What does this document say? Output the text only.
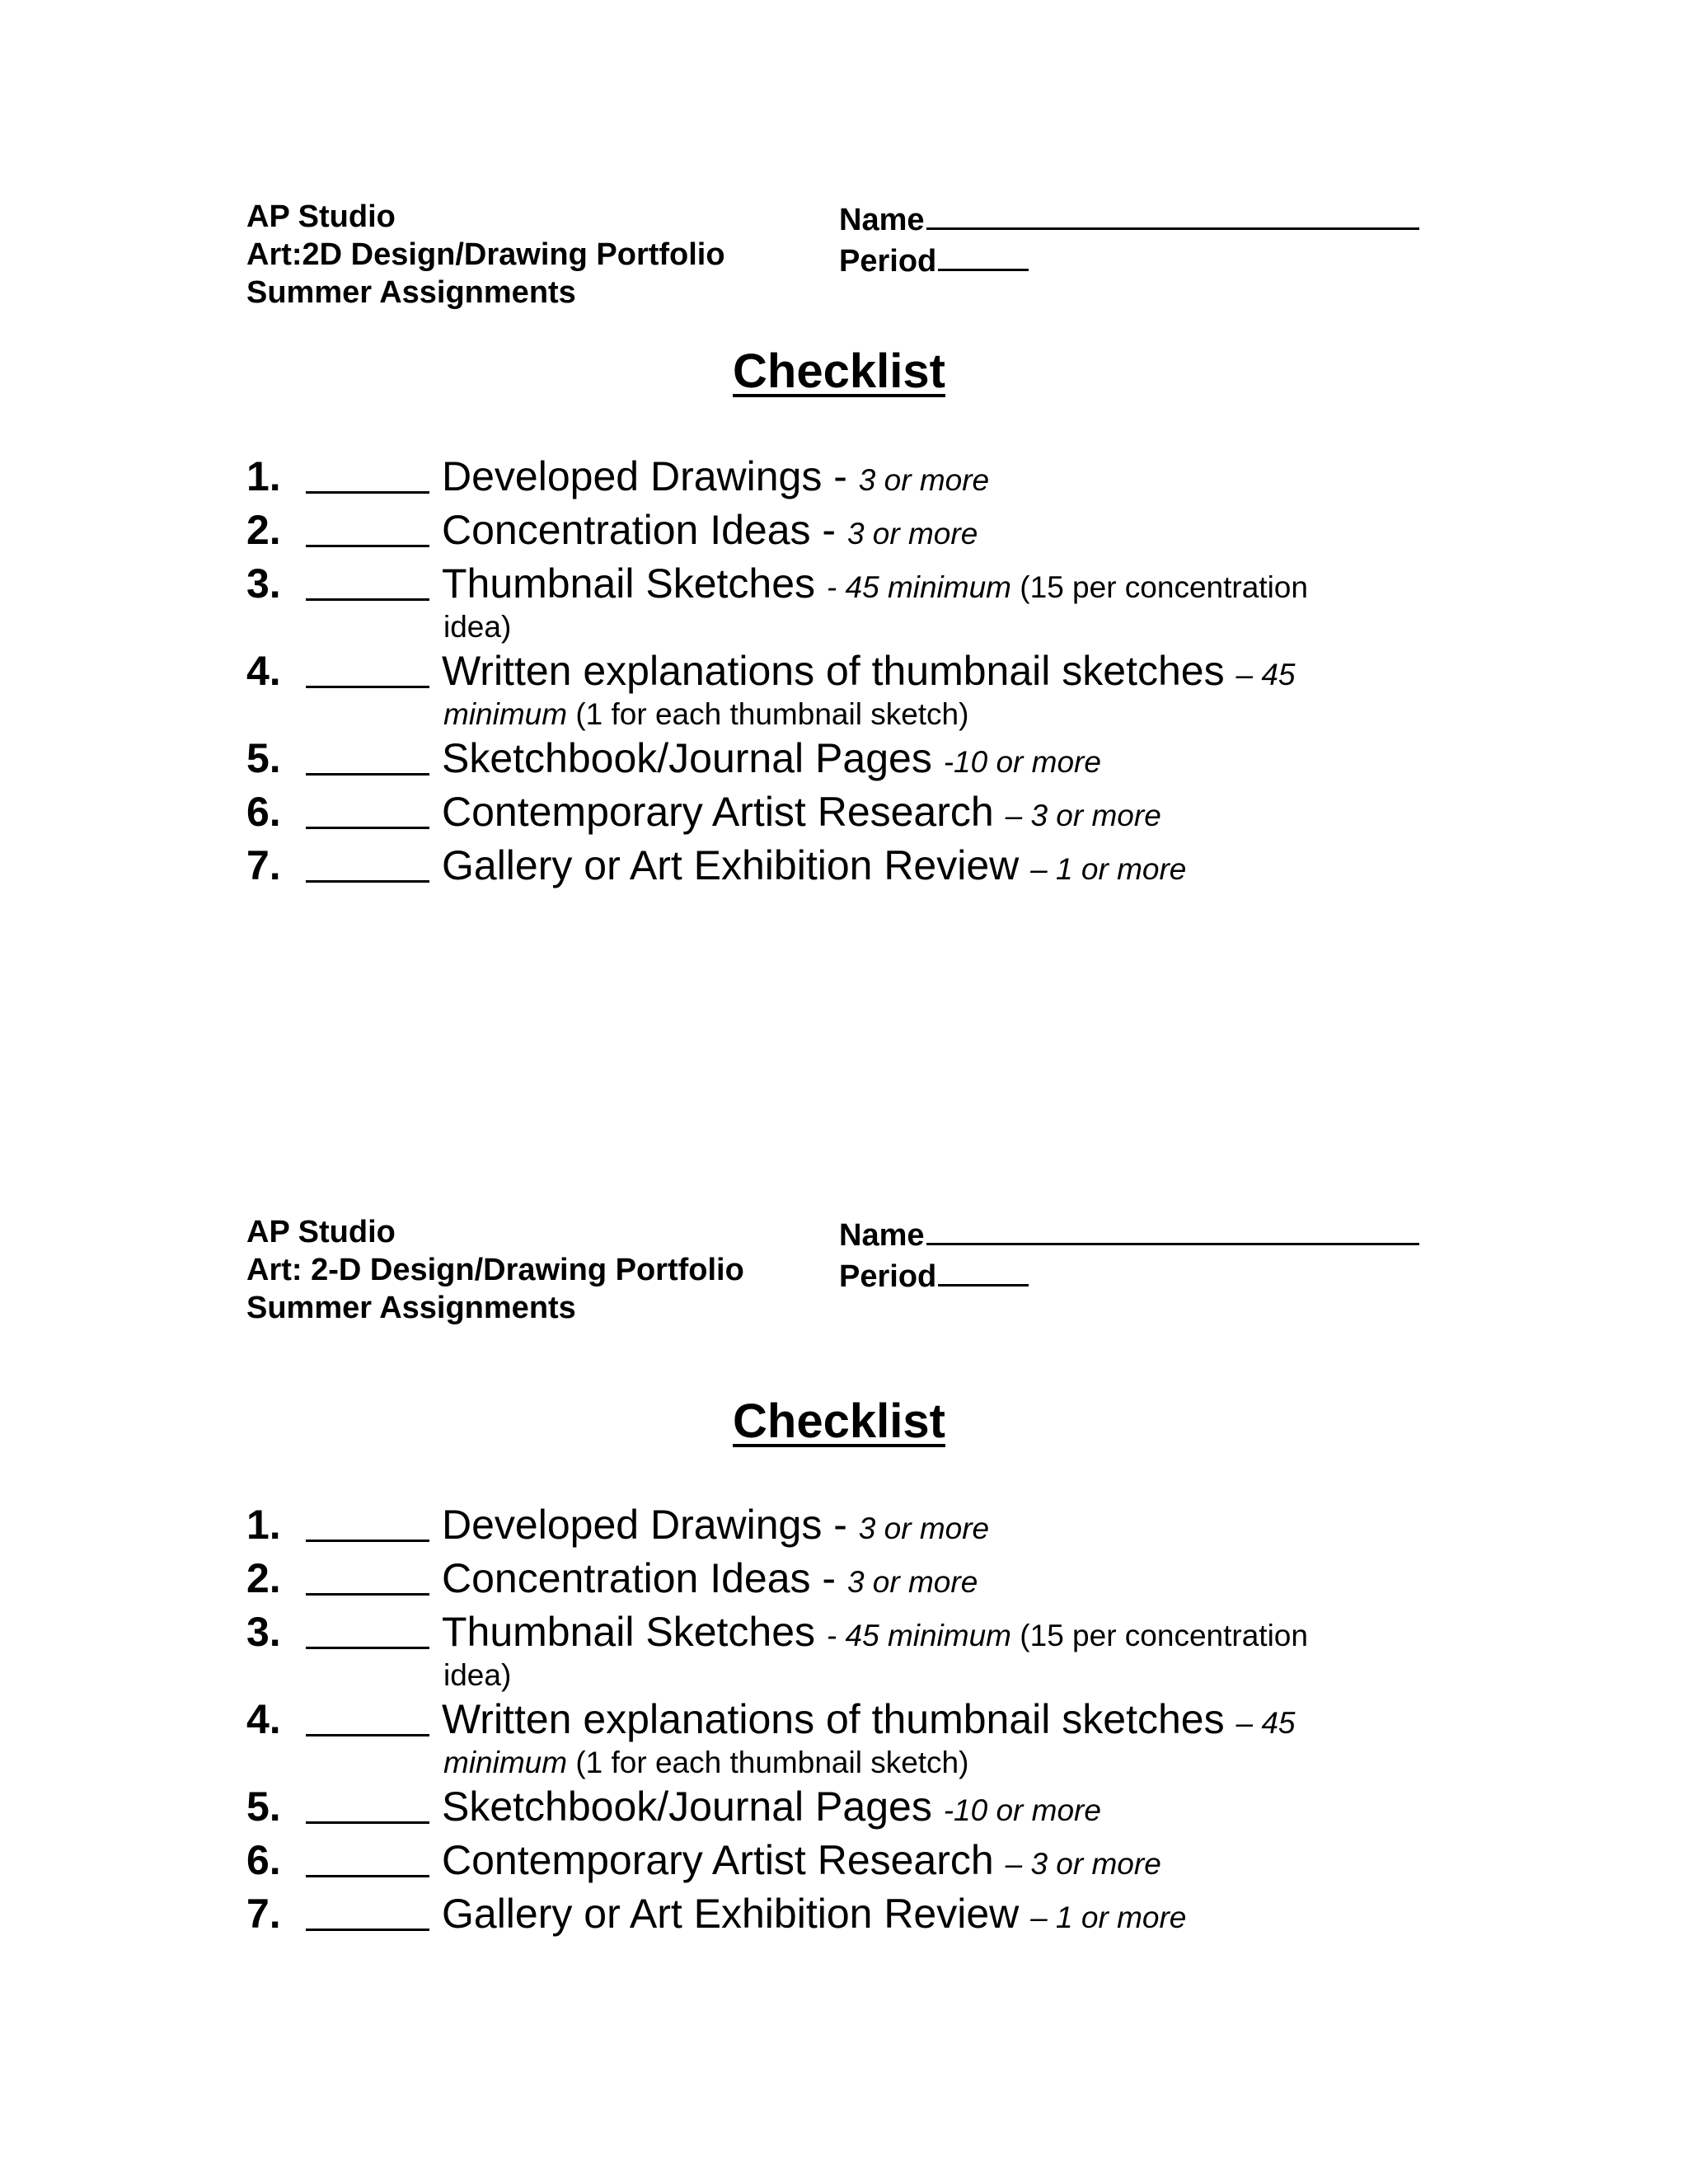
AP Studio
Art:2D Design/Drawing Portfolio
Summer Assignments
Name
Period
Checklist
1.	Developed Drawings - 3 or more
2.	Concentration Ideas - 3 or more
3.	Thumbnail Sketches - 45 minimum (15 per concentration
idea)
4.	Written explanations of thumbnail sketches – 45
minimum (1 for each thumbnail sketch)
5.	Sketchbook/Journal Pages -10 or more
6.	Contemporary Artist Research – 3 or more
7.	Gallery or Art Exhibition Review – 1 or more
AP Studio
Art: 2-D Design/Drawing Portfolio
Summer Assignments
Name
Period
Checklist
1.	Developed Drawings - 3 or more
2.	Concentration Ideas - 3 or more
3.	Thumbnail Sketches - 45 minimum (15 per concentration
idea)
4.	Written explanations of thumbnail sketches – 45
minimum (1 for each thumbnail sketch)
5.	Sketchbook/Journal Pages -10 or more
6.	Contemporary Artist Research – 3 or more
7.	Gallery or Art Exhibition Review – 1 or more
